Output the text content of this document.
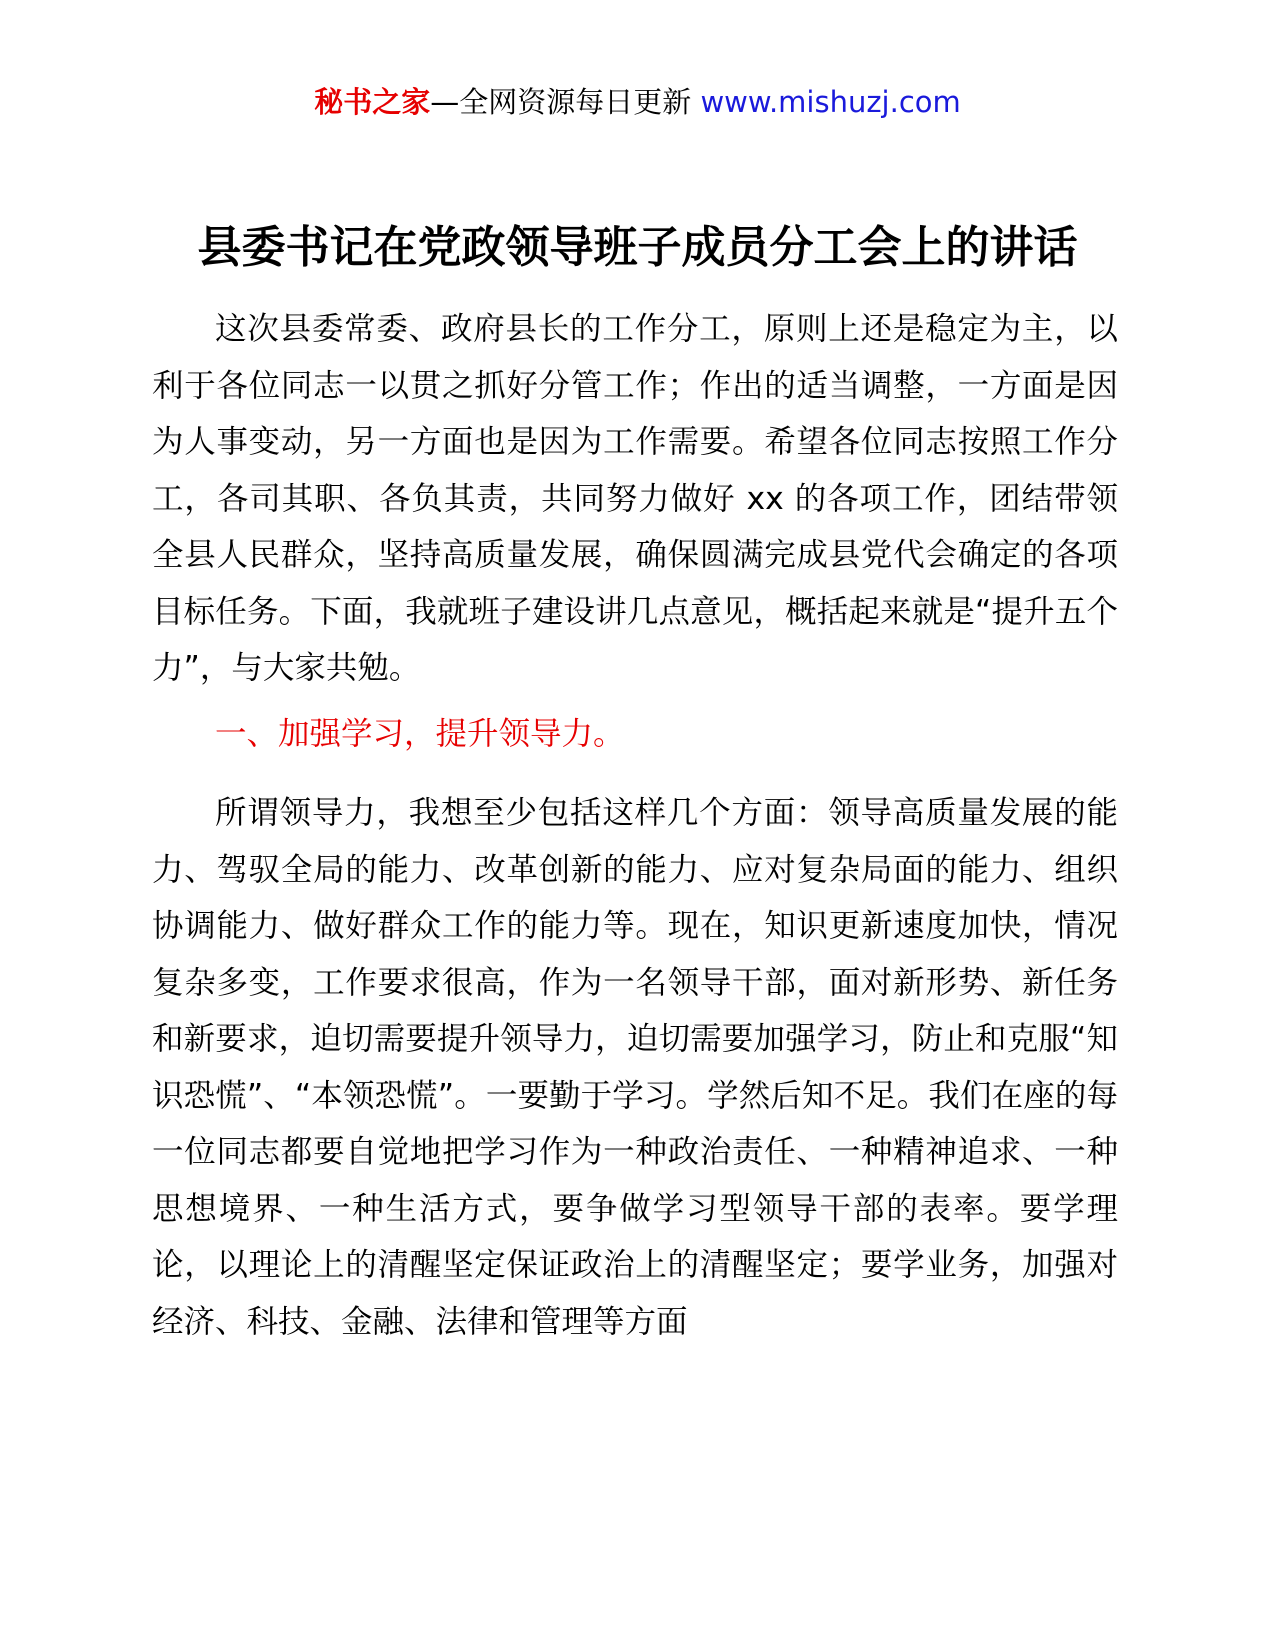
秘书之家—全网资源每日更新 www.mishuzj.com
县委书记在党政领导班子成员分工会上的讲话

这次县委常委、政府县长的工作分工，原则上还是稳定为主，以利于各位同志一以贯之抓好分管工作；作出的适当调整，一方面是因为人事变动，另一方面也是因为工作需要。希望各位同志按照工作分工，各司其职、各负其责，共同努力做好 xx 的各项工作，团结带领全县人民群众，坚持高质量发展，确保圆满完成县党代会确定的各项目标任务。下面，我就班子建设讲几点意见，概括起来就是“提升五个力”，与大家共勉。

一、加强学习，提升领导力。

所谓领导力，我想至少包括这样几个方面：领导高质量发展的能力、驾驭全局的能力、改革创新的能力、应对复杂局面的能力、组织协调能力、做好群众工作的能力等。现在，知识更新速度加快，情况复杂多变，工作要求很高，作为一名领导干部，面对新形势、新任务和新要求，迫切需要提升领导力，迫切需要加强学习，防止和克服“知识恐慌”、“本领恐慌”。一要勤于学习。学然后知不足。我们在座的每一位同志都要自觉地把学习作为一种政治责任、一种精神追求、一种思想境界、一种生活方式，要争做学习型领导干部的表率。要学理论，以理论上的清醒坚定保证政治上的清醒坚定；要学业务，加强对经济、科技、金融、法律和管理等方面
